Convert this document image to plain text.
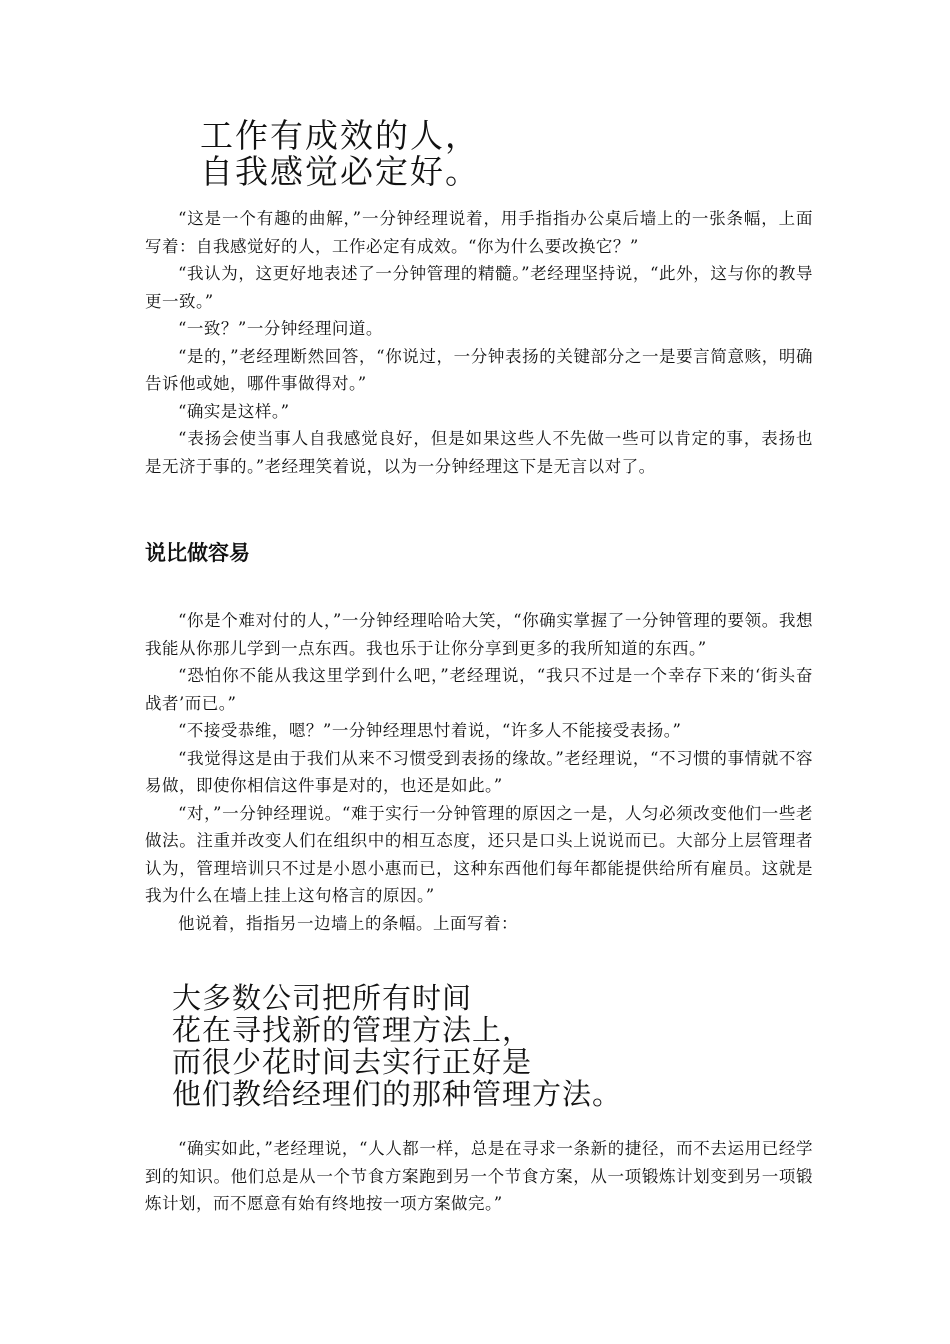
工作有成效的人，
自我感觉必定好。

“这是一个有趣的曲解，”一分钟经理说着，用手指指办公桌后墙上的一张条幅，上面写着：自我感觉好的人，工作必定有成效。“你为什么要改换它？”

“我认为，这更好地表述了一分钟管理的精髓。”老经理坚持说，“此外，这与你的教导更一致。”

“一致？”一分钟经理问道。

“是的，”老经理断然回答，“你说过，一分钟表扬的关键部分之一是要言简意赅，明确告诉他或她，哪件事做得对。”

“确实是这样。”

“表扬会使当事人自我感觉良好，但是如果这些人不先做一些可以肯定的事，表扬也是无济于事的。”老经理笑着说，以为一分钟经理这下是无言以对了。

说比做容易

“你是个难对付的人，”一分钟经理哈哈大笑，“你确实掌握了一分钟管理的要领。我想我能从你那儿学到一点东西。我也乐于让你分享到更多的我所知道的东西。”

“恐怕你不能从我这里学到什么吧，”老经理说，“我只不过是一个幸存下来的‘街头奋战者’而已。”

“不接受恭维，嗯？”一分钟经理思忖着说，“许多人不能接受表扬。”

“我觉得这是由于我们从来不习惯受到表扬的缘故。”老经理说，“不习惯的事情就不容易做，即使你相信这件事是对的，也还是如此。”

“对，”一分钟经理说。“难于实行一分钟管理的原因之一是，人匀必须改变他们一些老做法。注重并改变人们在组织中的相互态度，还只是口头上说说而已。大部分上层管理者认为，管理培训只不过是小恩小惠而已，这种东西他们每年都能提供给所有雇员。这就是我为什么在墙上挂上这句格言的原因。”

他说着，指指另一边墙上的条幅。上面写着：

大多数公司把所有时间
花在寻找新的管理方法上，
而很少花时间去实行正好是
他们教给经理们的那种管理方法。

“确实如此，”老经理说，“人人都一样，总是在寻求一条新的捷径，而不去运用已经学到的知识。他们总是从一个节食方案跑到另一个节食方案，从一项锻炼计划变到另一项锻炼计划，而不愿意有始有终地按一项方案做完。”
